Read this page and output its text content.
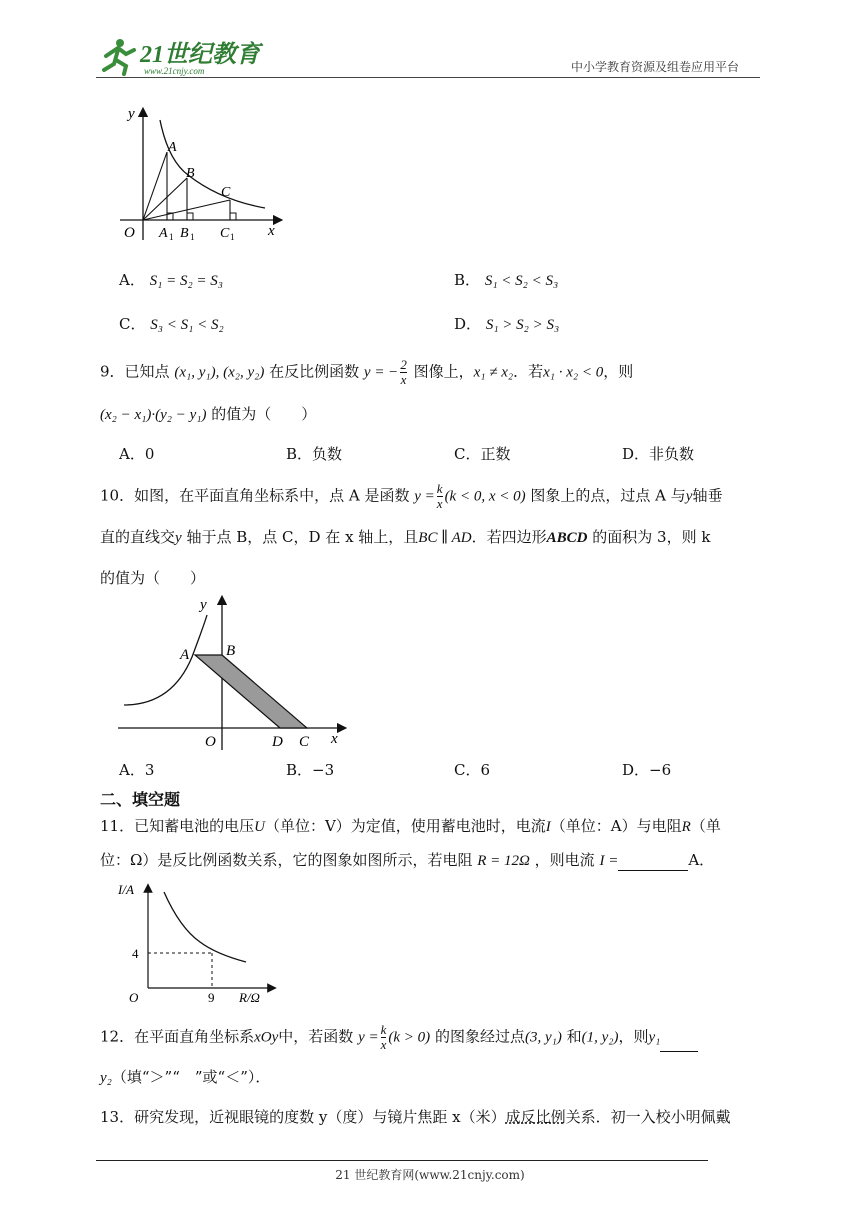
21世纪教育
www.21cnjy.com	中小学教育资源及组卷应用平台
y
x
O
A
B
C
A 1 B 1 C 1
A． S₁ = S₂ = S₃	B． S₁ < S₂ < S₃
C． S₃ < S₁ < S₂	D． S₁ > S₂ > S₃
9．已知点 (x₁, y₁), (x₂, y₂) 在反比例函数 y = − $\frac{2}{x}$ 图像上，x₁ ≠ x₂．若x₁ · x₂ < 0，则
(x₂ − x₁)·(y₂ − y₁) 的值为（　　）
A．0	B．负数	C．正数	D．非负数
10．如图，在平面直角坐标系中，点 A 是函数 $y = \frac{k}{x} (k < 0$, x < 0) 图象上的点，过点 A 与y轴垂
直的直线交y 轴于点 B，点 C，D 在 x 轴上，且BC ∥ AD．若四边形ABCD 的面积为 3，则 k
的值为（　　）
y
x
O
A B
D C
A．3	B．−3	C．6	D．−6
二、填空题
11．已知蓄电池的电压U（单位：V）为定值，使用蓄电池时，电流I（单位：A）与电阻R（单
位：Ω）是反比例函数关系，它的图象如图所示，若电阻 R = 12Ω ，则电流 I =	A．
I/A
R/Ω
O
4
9
12．在平面直角坐标系xOy中，若函数 $y = \frac{k}{x} (k > 0)$ 的图象经过点(3, y₁) 和(1, y₂)，则y₁
y₂（填“＞”“　”或“＜”）．
13．研究发现，近视眼镜的度数 y（度）与镜片焦距 x（米）成反比例关系．初一入校小明佩戴
21 世纪教育网(www.21cnjy.com)
